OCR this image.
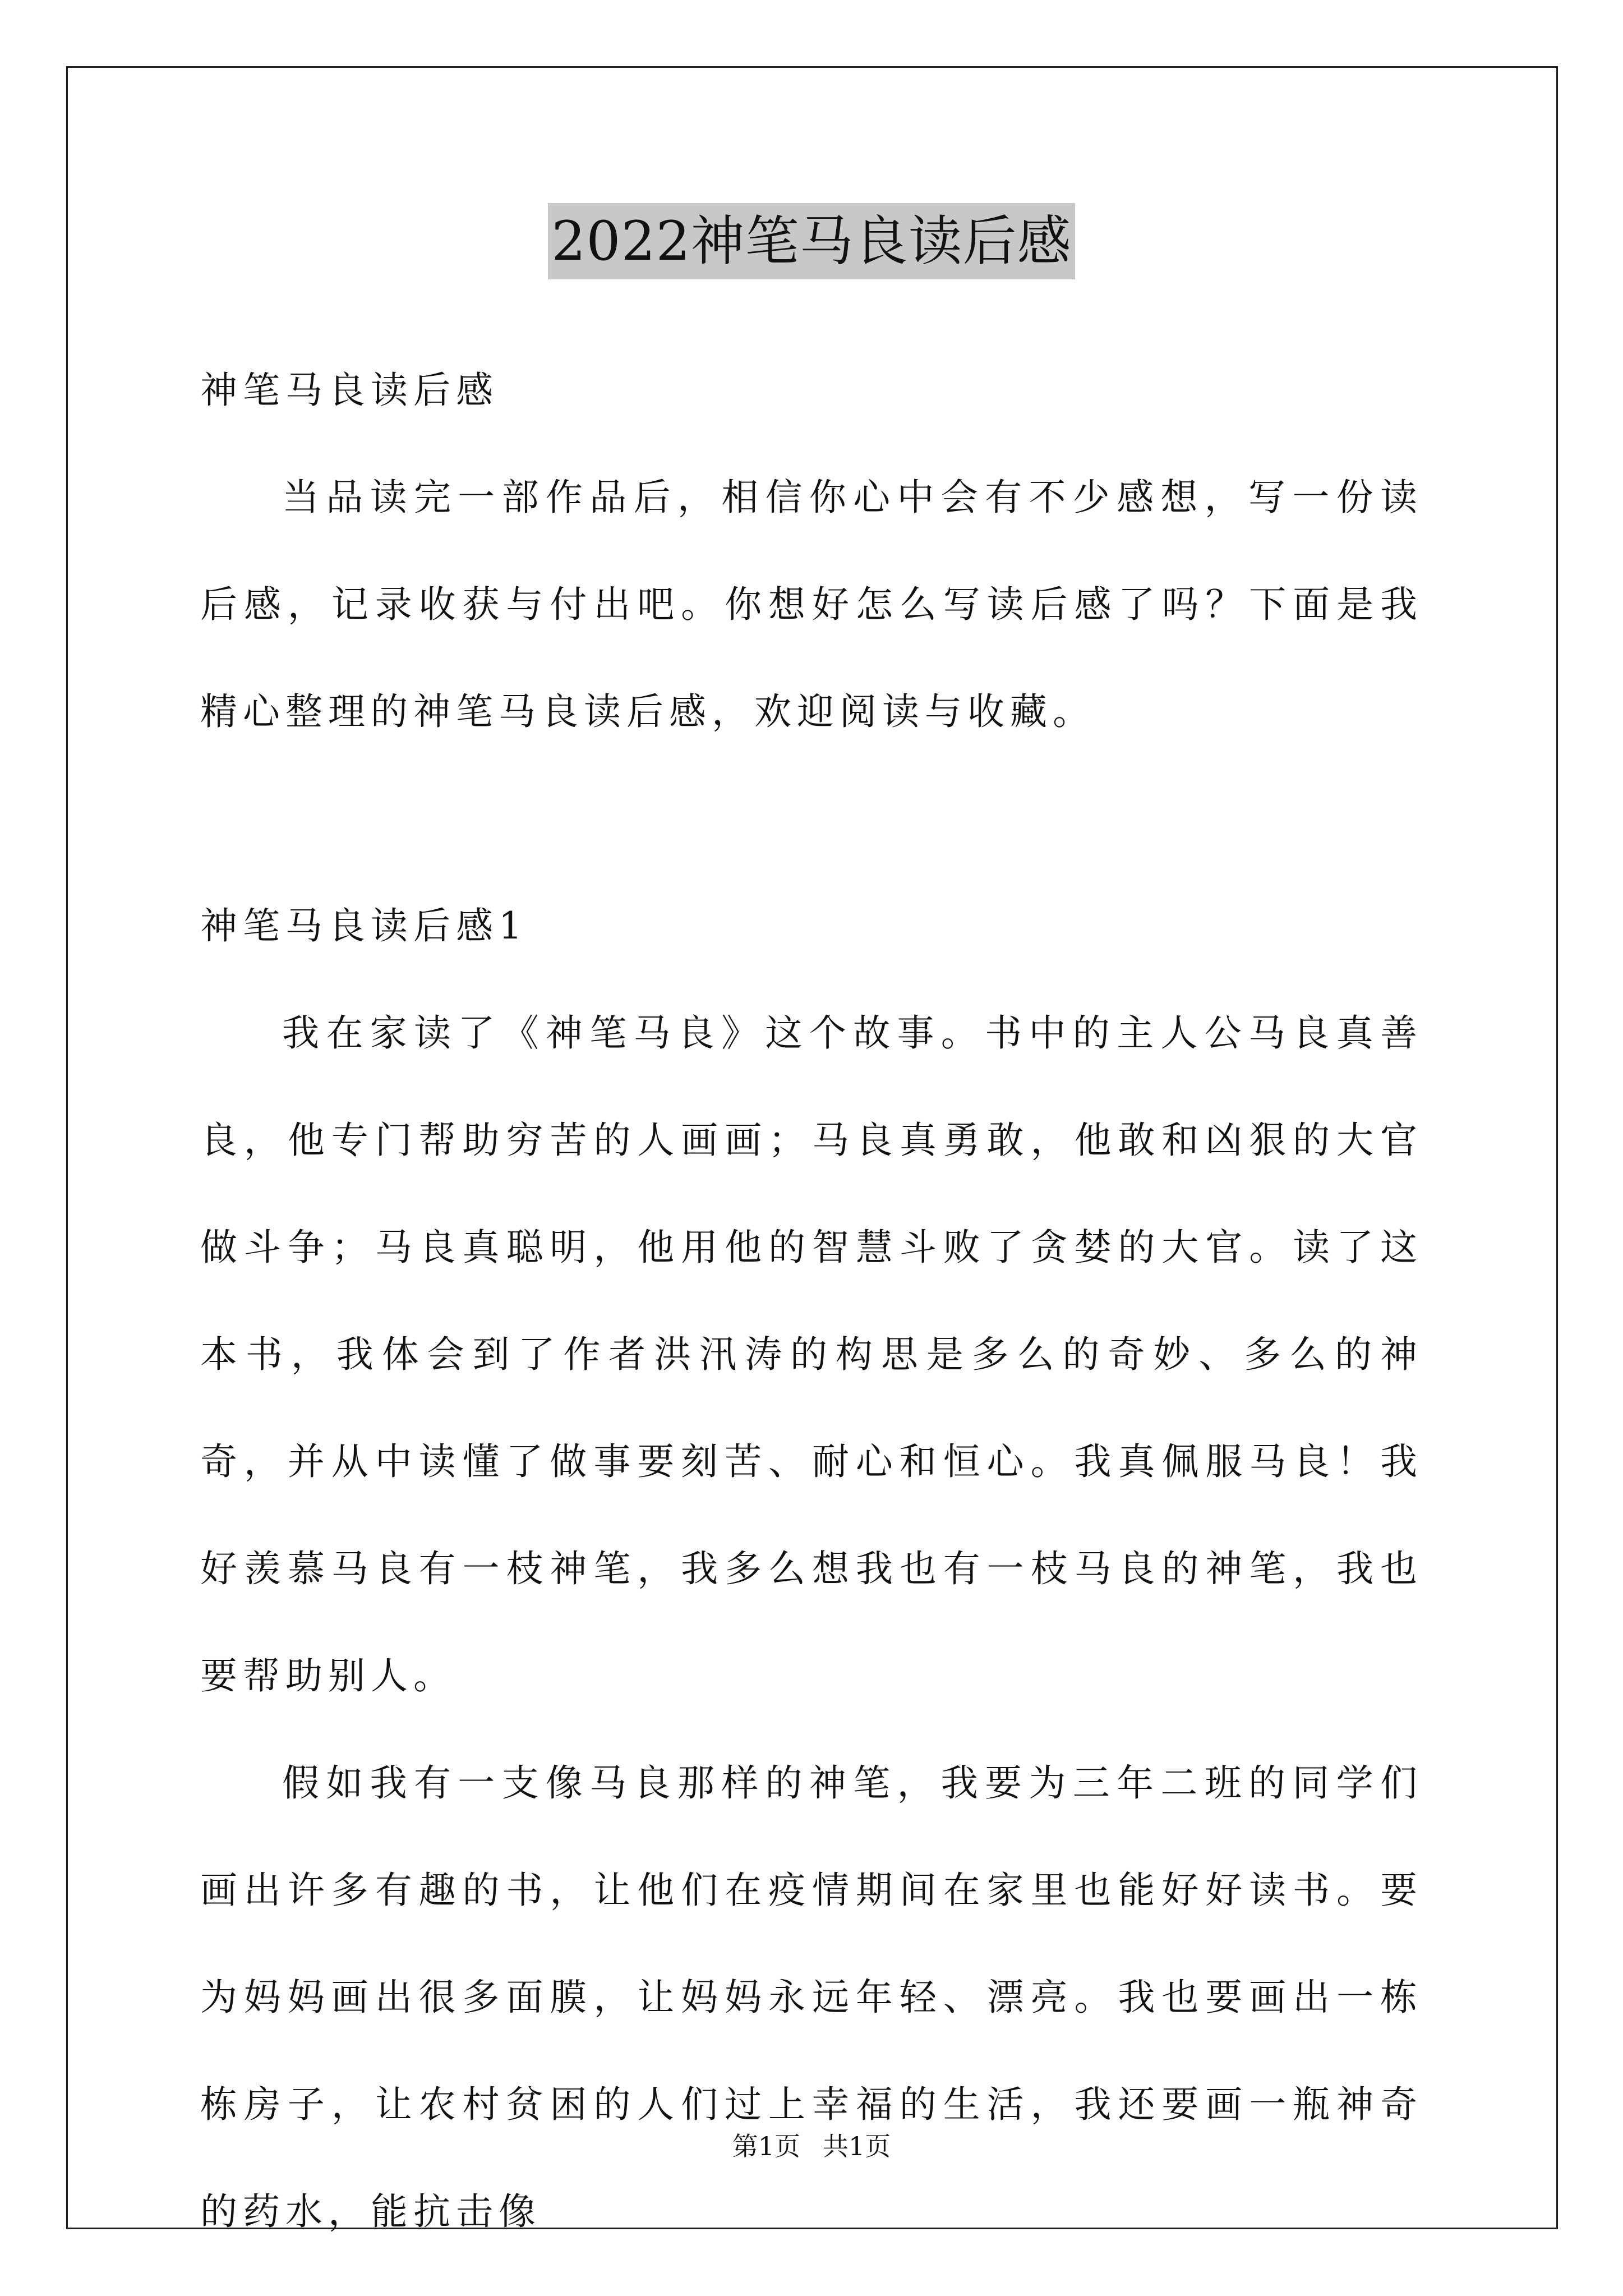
2022神笔马良读后感

神笔马良读后感

当品读完一部作品后，相信你心中会有不少感想，写一份读后感，记录收获与付出吧。你想好怎么写读后感了吗？下面是我精心整理的神笔马良读后感，欢迎阅读与收藏。

神笔马良读后感1

我在家读了《神笔马良》这个故事。书中的主人公马良真善良，他专门帮助穷苦的人画画；马良真勇敢，他敢和凶狠的大官做斗争；马良真聪明，他用他的智慧斗败了贪婪的大官。读了这本书，我体会到了作者洪汛涛的构思是多么的奇妙、多么的神奇，并从中读懂了做事要刻苦、耐心和恒心。我真佩服马良！我好羡慕马良有一枝神笔，我多么想我也有一枝马良的神笔，我也要帮助别人。

假如我有一支像马良那样的神笔，我要为三年二班的同学们画出许多有趣的书，让他们在疫情期间在家里也能好好读书。要为妈妈画出很多面膜，让妈妈永远年轻、漂亮。我也要画出一栋栋房子，让农村贫困的人们过上幸福的生活，我还要画一瓶神奇的药水，能抗击像

第1页 共1页
